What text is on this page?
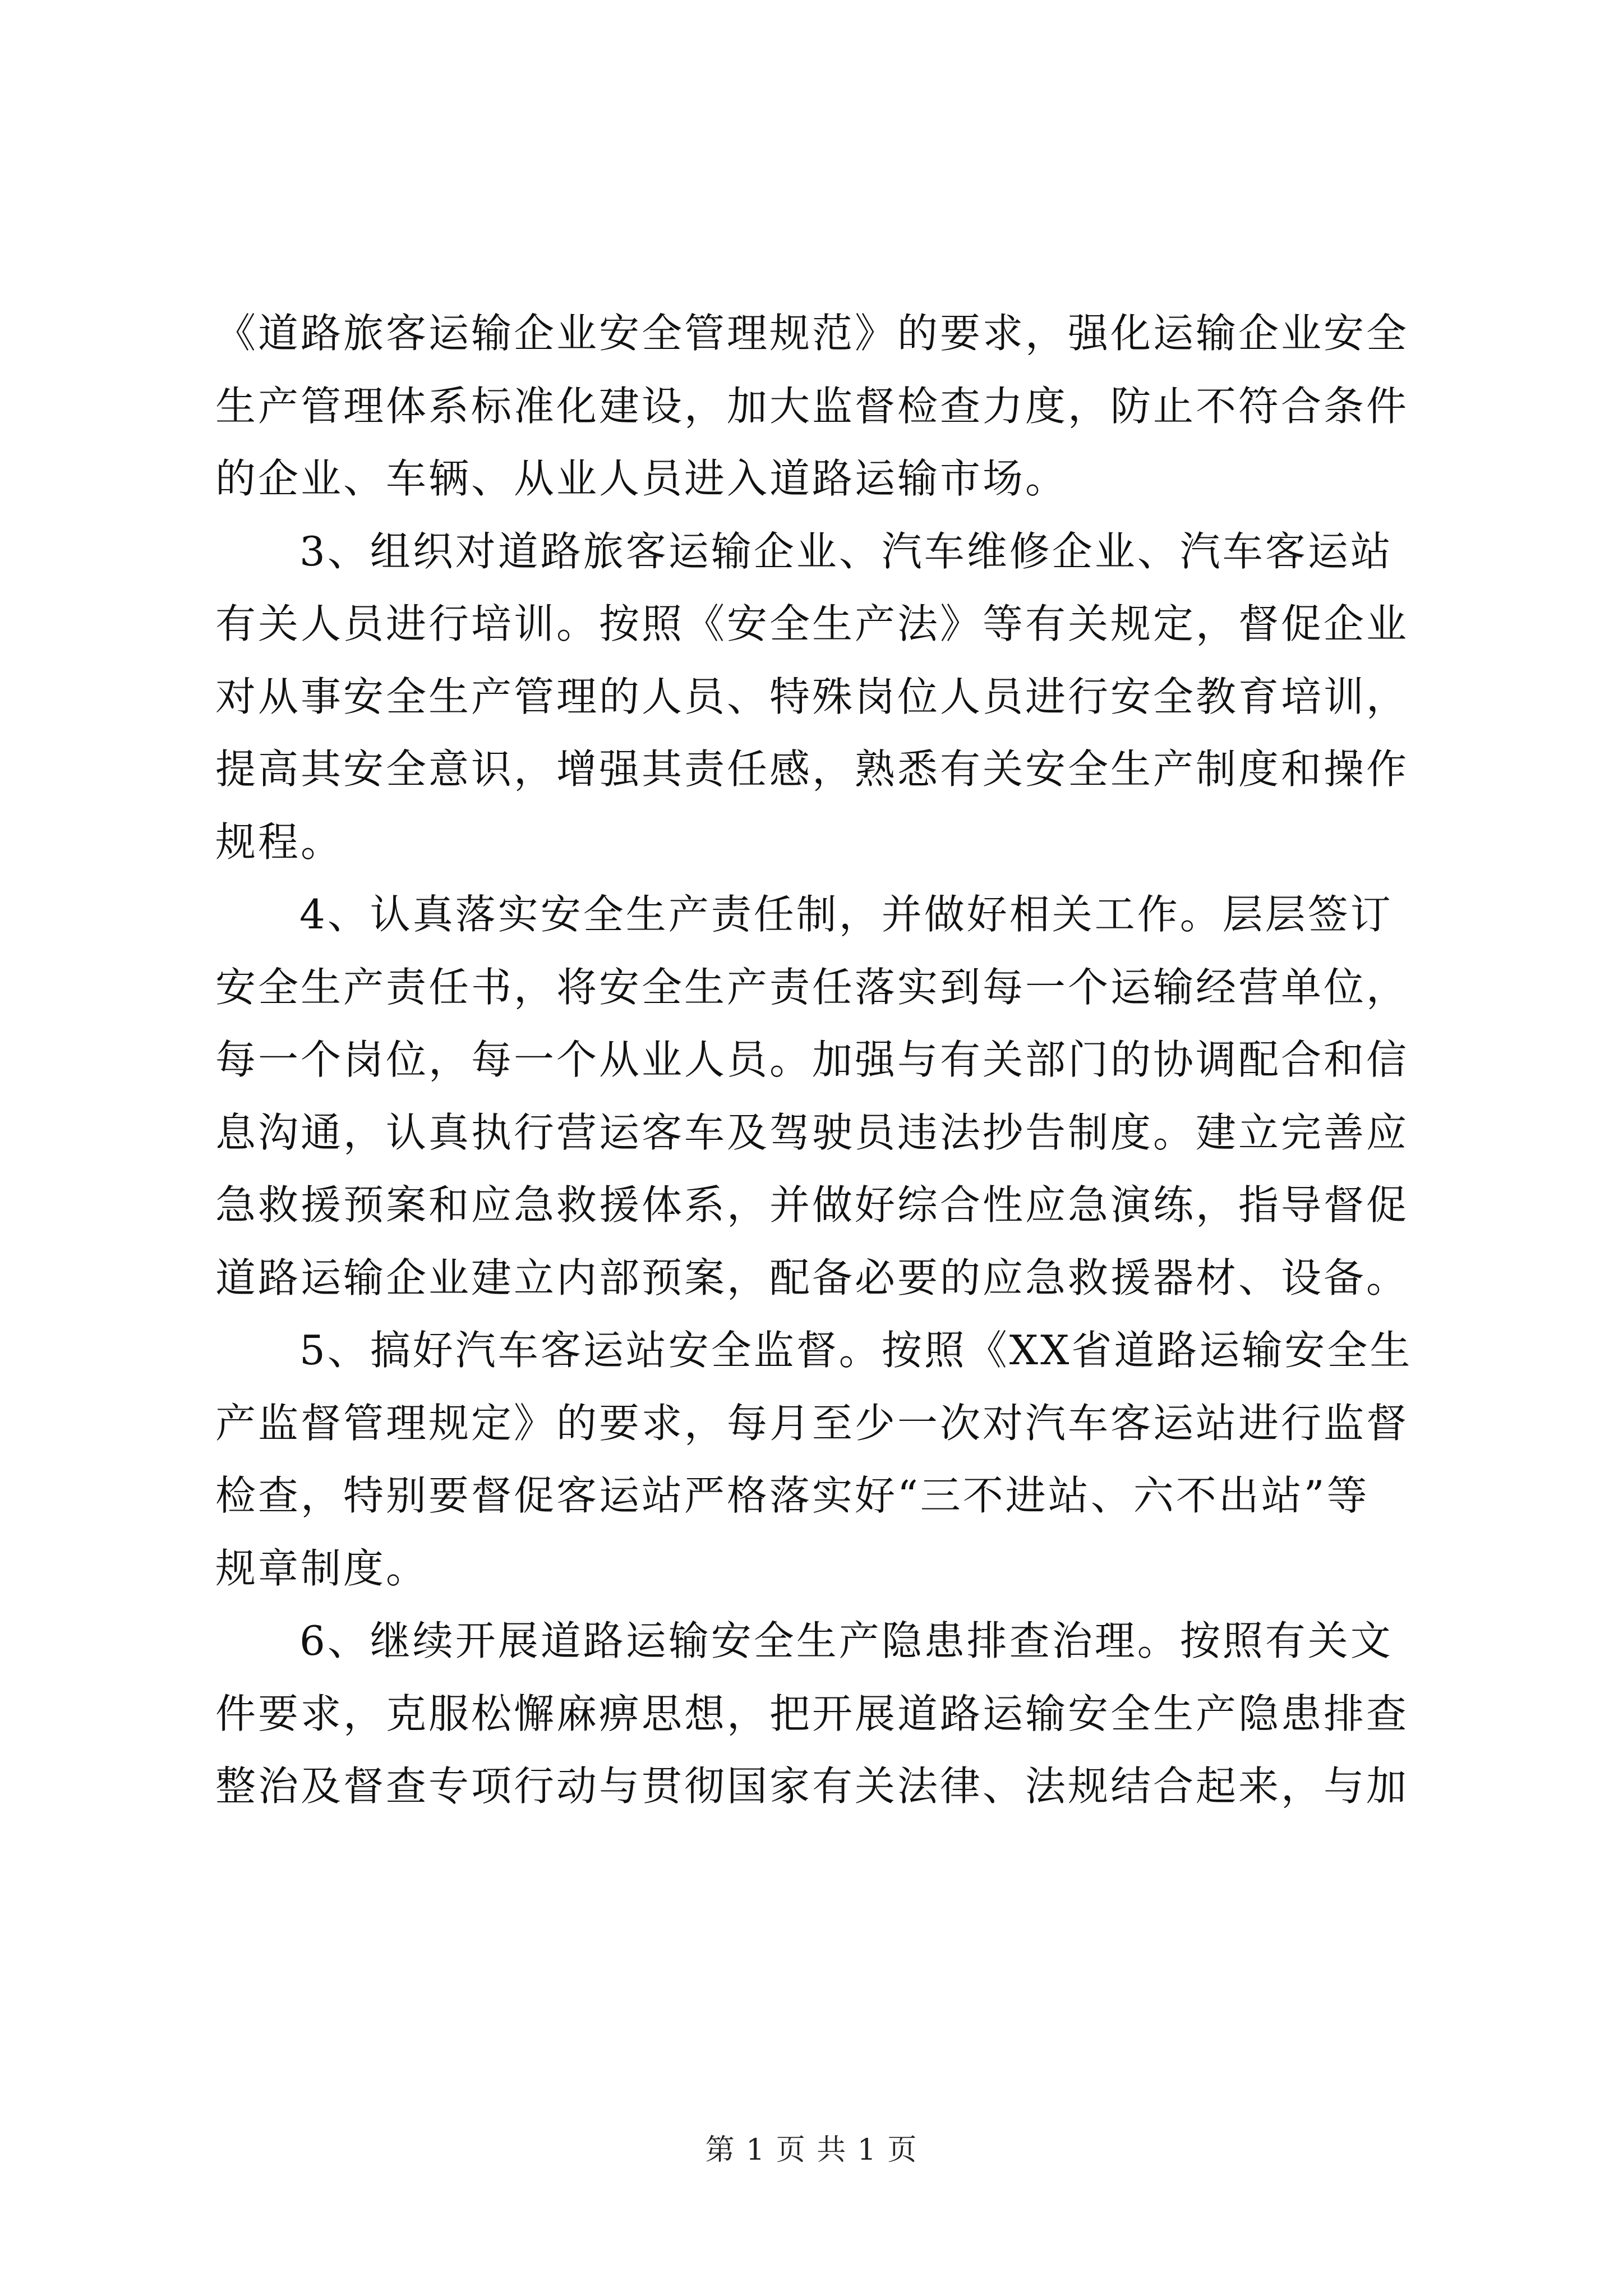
《道路旅客运输企业安全管理规范》的要求，强化运输企业安全
生产管理体系标准化建设，加大监督检查力度，防止不符合条件
的企业、车辆、从业人员进入道路运输市场。

3、组织对道路旅客运输企业、汽车维修企业、汽车客运站
有关人员进行培训。按照《安全生产法》等有关规定，督促企业
对从事安全生产管理的人员、特殊岗位人员进行安全教育培训，
提高其安全意识，增强其责任感，熟悉有关安全生产制度和操作
规程。

4、认真落实安全生产责任制，并做好相关工作。层层签订
安全生产责任书，将安全生产责任落实到每一个运输经营单位，
每一个岗位，每一个从业人员。加强与有关部门的协调配合和信
息沟通，认真执行营运客车及驾驶员违法抄告制度。建立完善应
急救援预案和应急救援体系，并做好综合性应急演练，指导督促
道路运输企业建立内部预案，配备必要的应急救援器材、设备。

5、搞好汽车客运站安全监督。按照《XX省道路运输安全生
产监督管理规定》的要求，每月至少一次对汽车客运站进行监督
检查，特别要督促客运站严格落实好“三不进站、六不出站”等
规章制度。

6、继续开展道路运输安全生产隐患排查治理。按照有关文
件要求，克服松懈麻痹思想，把开展道路运输安全生产隐患排查
整治及督查专项行动与贯彻国家有关法律、法规结合起来，与加

第 1 页 共 1 页
